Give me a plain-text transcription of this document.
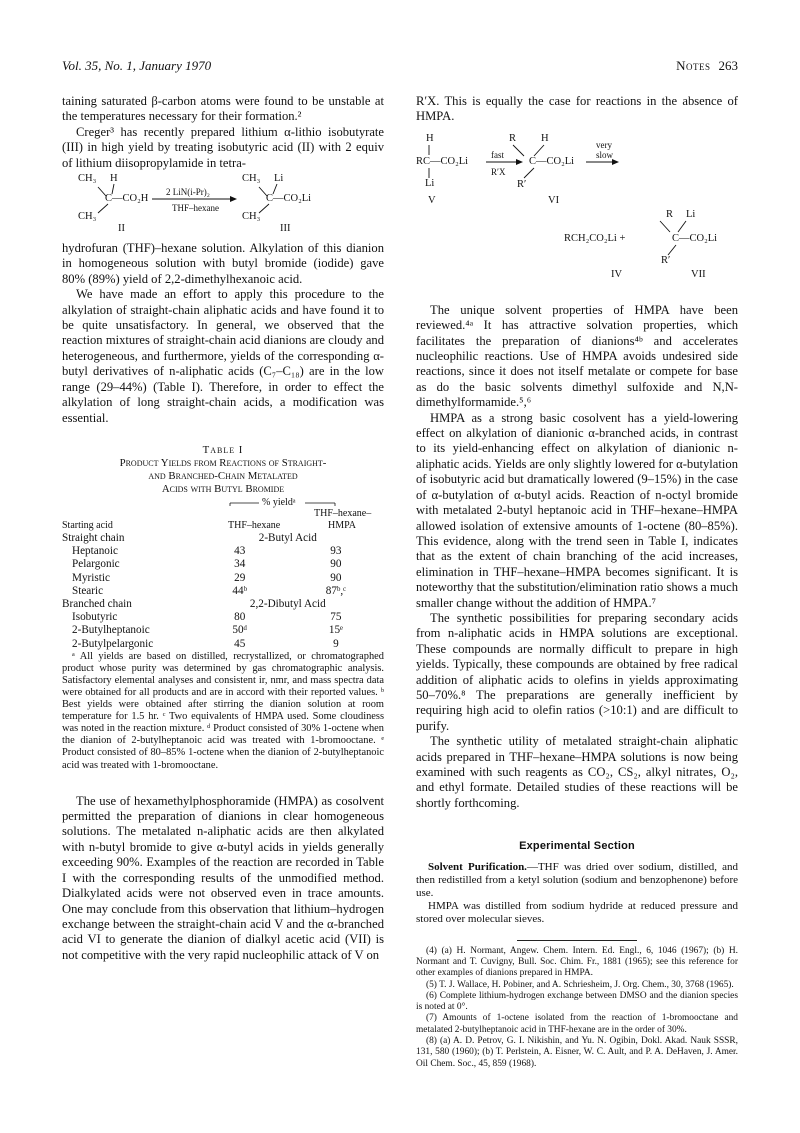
Vol. 35, No. 1, January 1970	Notes 263

taining saturated β-carbon atoms were found to be unstable at the temperatures necessary for their formation.²

Creger³ has recently prepared lithium α-lithio isobutyrate (III) in high yield by treating isobutyric acid (II) with 2 equiv of lithium diisopropylamide in tetra-

CH₃ H
C—CO₂H
CH₃
2 LiN(i-Pr)₂
THF–hexane
CH₃ Li
C—CO₂Li
CH₃
II	III

hydrofuran (THF)–hexane solution. Alkylation of this dianion in homogeneous solution with butyl bromide (iodide) gave 80% (89%) yield of 2,2-dimethylhexanoic acid.

We have made an effort to apply this procedure to the alkylation of straight-chain aliphatic acids and have found it to be quite unsatisfactory. In general, we observed that the reaction mixtures of straight-chain acid dianions are cloudy and heterogeneous, and furthermore, yields of the corresponding α-butyl derivatives of n-aliphatic acids (C₇–C₁₈) are in the low range (29–44%) (Table I). Therefore, in order to effect the alkylation of long straight-chain acids, a modification was essential.

Table I
Product Yields from Reactions of Straight-
and Branched-Chain Metalated
Acids with Butyl Bromide
% yieldᵃ
THF–hexane–
Starting acid	THF–hexane	HMPA
Straight chain	2-Butyl Acid	
Heptanoic	43	93
Pelargonic	34	90
Myristic	29	90
Stearic	44ᵇ	87ᵇ,ᶜ
Branched chain	2,2-Dibutyl Acid	
Isobutyric	80	75
2-Butylheptanoic	50ᵈ	15ᵉ
2-Butylpelargonic	45	9

ᵃ All yields are based on distilled, recrystallized, or chromatographed product whose purity was determined by gas chromatographic analysis. Satisfactory elemental analyses and consistent ir, nmr, and mass spectra data were obtained for all products and are in accord with their reported values. ᵇ Best yields were obtained after stirring the dianion solution at room temperature for 1.5 hr. ᶜ Two equivalents of HMPA used. Some cloudiness was noted in the reaction mixture. ᵈ Product consisted of 30% 1-octene when the dianion of 2-butylheptanoic acid was treated with 1-bromooctane. ᵉ Product consisted of 80–85% 1-octene when the dianion of 2-butylheptanoic acid was treated with 1-bromooctane.

The use of hexamethylphosphoramide (HMPA) as cosolvent permitted the preparation of dianions in clear homogeneous solutions. The metalated n-aliphatic acids are then alkylated with n-butyl bromide to give α-butyl acids in yields generally exceeding 90%. Examples of the reaction are recorded in Table I with the corresponding results of the unmodified method. Dialkylated acids were not observed even in trace amounts. One may conclude from this observation that lithium–hydrogen exchange between the straight-chain acid V and the α-branched acid VI to generate the dianion of dialkyl acetic acid (VII) is not competitive with the very rapid nucleophilic attack of V on

R′X. This is equally the case for reactions in the absence of HMPA.

H
RC—CO₂Li
Li
V
fast
R′X
R H
C—CO₂Li
R′
VI
very
slow
R Li
RCH₂CO₂Li +	C—CO₂Li
R′
IV	VII

The unique solvent properties of HMPA have been reviewed.⁴ᵃ It has attractive solvation properties, which facilitates the preparation of dianions⁴ᵇ and accelerates nucleophilic reactions. Use of HMPA avoids undesired side reactions, since it does not itself metalate or compete for base as do the basic solvents dimethyl sulfoxide and N,N-dimethylformamide.⁵,⁶

HMPA as a strong basic cosolvent has a yield-lowering effect on alkylation of dianionic α-branched acids, in contrast to its yield-enhancing effect on alkylation of dianionic n-aliphatic acids. Yields are only slightly lowered for α-butylation of isobutyric acid but dramatically lowered (9–15%) in the case of α-butylation of α-butyl acids. Reaction of n-octyl bromide with metalated 2-butyl heptanoic acid in THF–hexane–HMPA allowed isolation of extensive amounts of 1-octene (80–85%). This evidence, along with the trend seen in Table I, indicates that as the extent of chain branching of the acid increases, elimination in THF–hexane–HMPA becomes significant. It is noteworthy that the substitution/elimination ratio shows a much smaller change without the addition of HMPA.⁷

The synthetic possibilities for preparing secondary acids from n-aliphatic acids in HMPA solutions are exceptional. These compounds are normally difficult to prepare in high yields. Typically, these compounds are obtained by free radical addition of aliphatic acids to olefins in yields approximating 50–70%.⁸ The preparations are generally inefficient by requiring high acid to olefin ratios (>10:1) and are difficult to purify.

The synthetic utility of metalated straight-chain aliphatic acids prepared in THF–hexane–HMPA solutions is now being examined with such reagents as CO₂, CS₂, alkyl nitrates, O₂, and ethyl formate. Detailed studies of these reactions will be shortly forthcoming.

Experimental Section

Solvent Purification.—THF was dried over sodium, distilled, and then redistilled from a ketyl solution (sodium and benzophenone) before use.

HMPA was distilled from sodium hydride at reduced pressure and stored over molecular sieves.

(4) (a) H. Normant, Angew. Chem. Intern. Ed. Engl., 6, 1046 (1967); (b) H. Normant and T. Cuvigny, Bull. Soc. Chim. Fr., 1881 (1965); see this reference for other examples of dianions prepared in HMPA.

(5) T. J. Wallace, H. Pobiner, and A. Schriesheim, J. Org. Chem., 30, 3768 (1965).

(6) Complete lithium-hydrogen exchange between DMSO and the dianion species is noted at 0°.

(7) Amounts of 1-octene isolated from the reaction of 1-bromooctane and metalated 2-butylheptanoic acid in THF-hexane are in the order of 30%.

(8) (a) A. D. Petrov, G. I. Nikishin, and Yu. N. Ogibin, Dokl. Akad. Nauk SSSR, 131, 580 (1960); (b) T. Perlstein, A. Eisner, W. C. Ault, and P. A. DeHaven, J. Amer. Oil Chem. Soc., 45, 859 (1968).
